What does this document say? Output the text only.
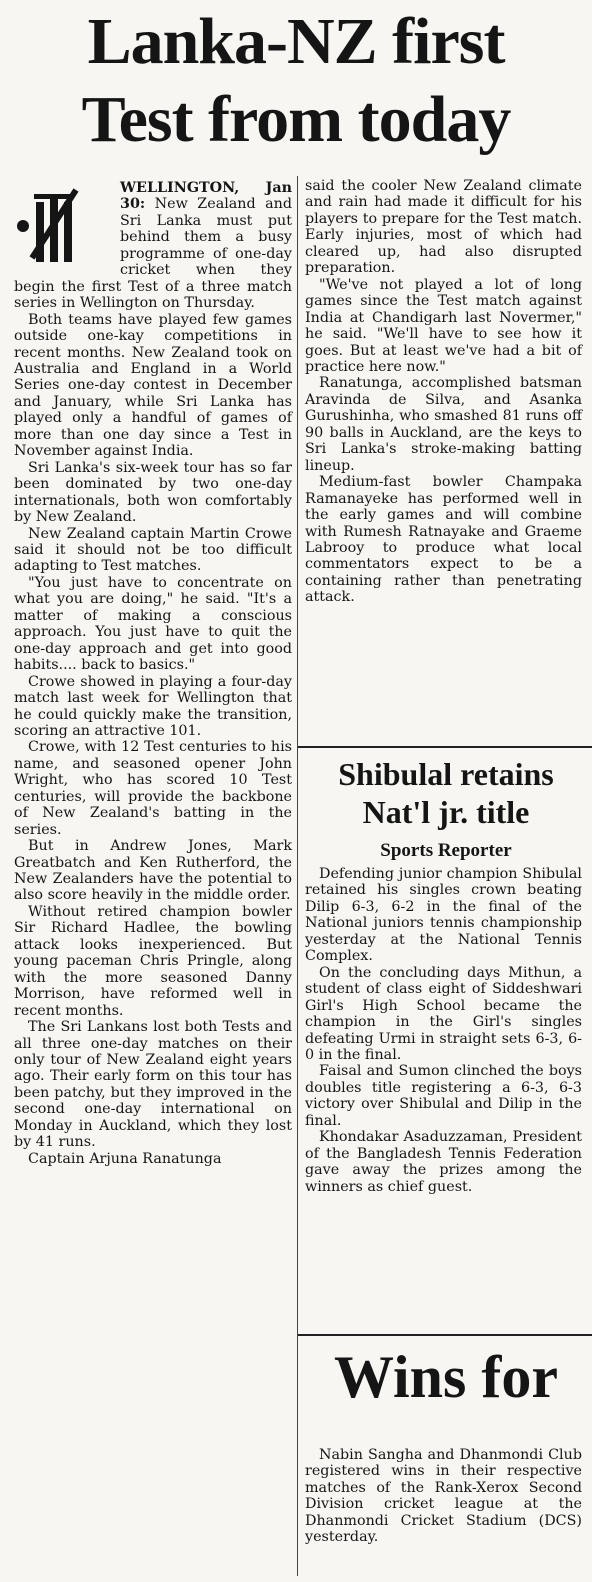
Lanka-NZ first
Test from today

WELLINGTON, Jan 30: New Zealand and Sri Lanka must put behind them a busy programme of one-day cricket when they begin the first Test of a three match series in Wellington on Thursday.

Both teams have played few games outside one-kay competitions in recent months. New Zealand took on Australia and England in a World Series one-day contest in December and January, while Sri Lanka has played only a handful of games of more than one day since a Test in November against India.

Sri Lanka's six-week tour has so far been dominated by two one-day internationals, both won comfortably by New Zealand.

New Zealand captain Martin Crowe said it should not be too difficult adapting to Test matches.

"You just have to concentrate on what you are doing," he said. "It's a matter of making a conscious approach. You just have to quit the one-day approach and get into good habits.... back to basics."

Crowe showed in playing a four-day match last week for Wellington that he could quickly make the transition, scoring an attractive 101.

Crowe, with 12 Test centuries to his name, and seasoned opener John Wright, who has scored 10 Test centuries, will provide the backbone of New Zealand's batting in the series.

But in Andrew Jones, Mark Greatbatch and Ken Rutherford, the New Zealanders have the potential to also score heavily in the middle order.

Without retired champion bowler Sir Richard Hadlee, the bowling attack looks inexperienced. But young paceman Chris Pringle, along with the more seasoned Danny Morrison, have reformed well in recent months.

The Sri Lankans lost both Tests and all three one-day matches on their only tour of New Zealand eight years ago. Their early form on this tour has been patchy, but they improved in the second one-day international on Monday in Auckland, which they lost by 41 runs.

Captain Arjuna Ranatunga

said the cooler New Zealand climate and rain had made it difficult for his players to prepare for the Test match. Early injuries, most of which had cleared up, had also disrupted preparation.

"We've not played a lot of long games since the Test match against India at Chandigarh last Novermer," he said. "We'll have to see how it goes. But at least we've had a bit of practice here now."

Ranatunga, accomplished batsman Aravinda de Silva, and Asanka Gurushinha, who smashed 81 runs off 90 balls in Auckland, are the keys to Sri Lanka's stroke-making batting lineup.

Medium-fast bowler Champaka Ramanayeke has performed well in the early games and will combine with Rumesh Ratnayake and Graeme Labrooy to produce what local commentators expect to be a containing rather than penetrating attack.

Shibulal retains
Nat'l jr. title
Sports Reporter

Defending junior champion Shibulal retained his singles crown beating Dilip 6-3, 6-2 in the final of the National juniors tennis championship yesterday at the National Tennis Complex.

On the concluding days Mithun, a student of class eight of Siddeshwari Girl's High School became the champion in the Girl's singles defeating Urmi in straight sets 6-3, 6-0 in the final.

Faisal and Sumon clinched the boys doubles title registering a 6-3, 6-3 victory over Shibulal and Dilip in the final.

Khondakar Asaduzzaman, President of the Bangladesh Tennis Federation gave away the prizes among the winners as chief guest.

Wins for

Nabin Sangha and Dhanmondi Club registered wins in their respective matches of the Rank-Xerox Second Division cricket league at the Dhanmondi Cricket Stadium (DCS) yesterday.
